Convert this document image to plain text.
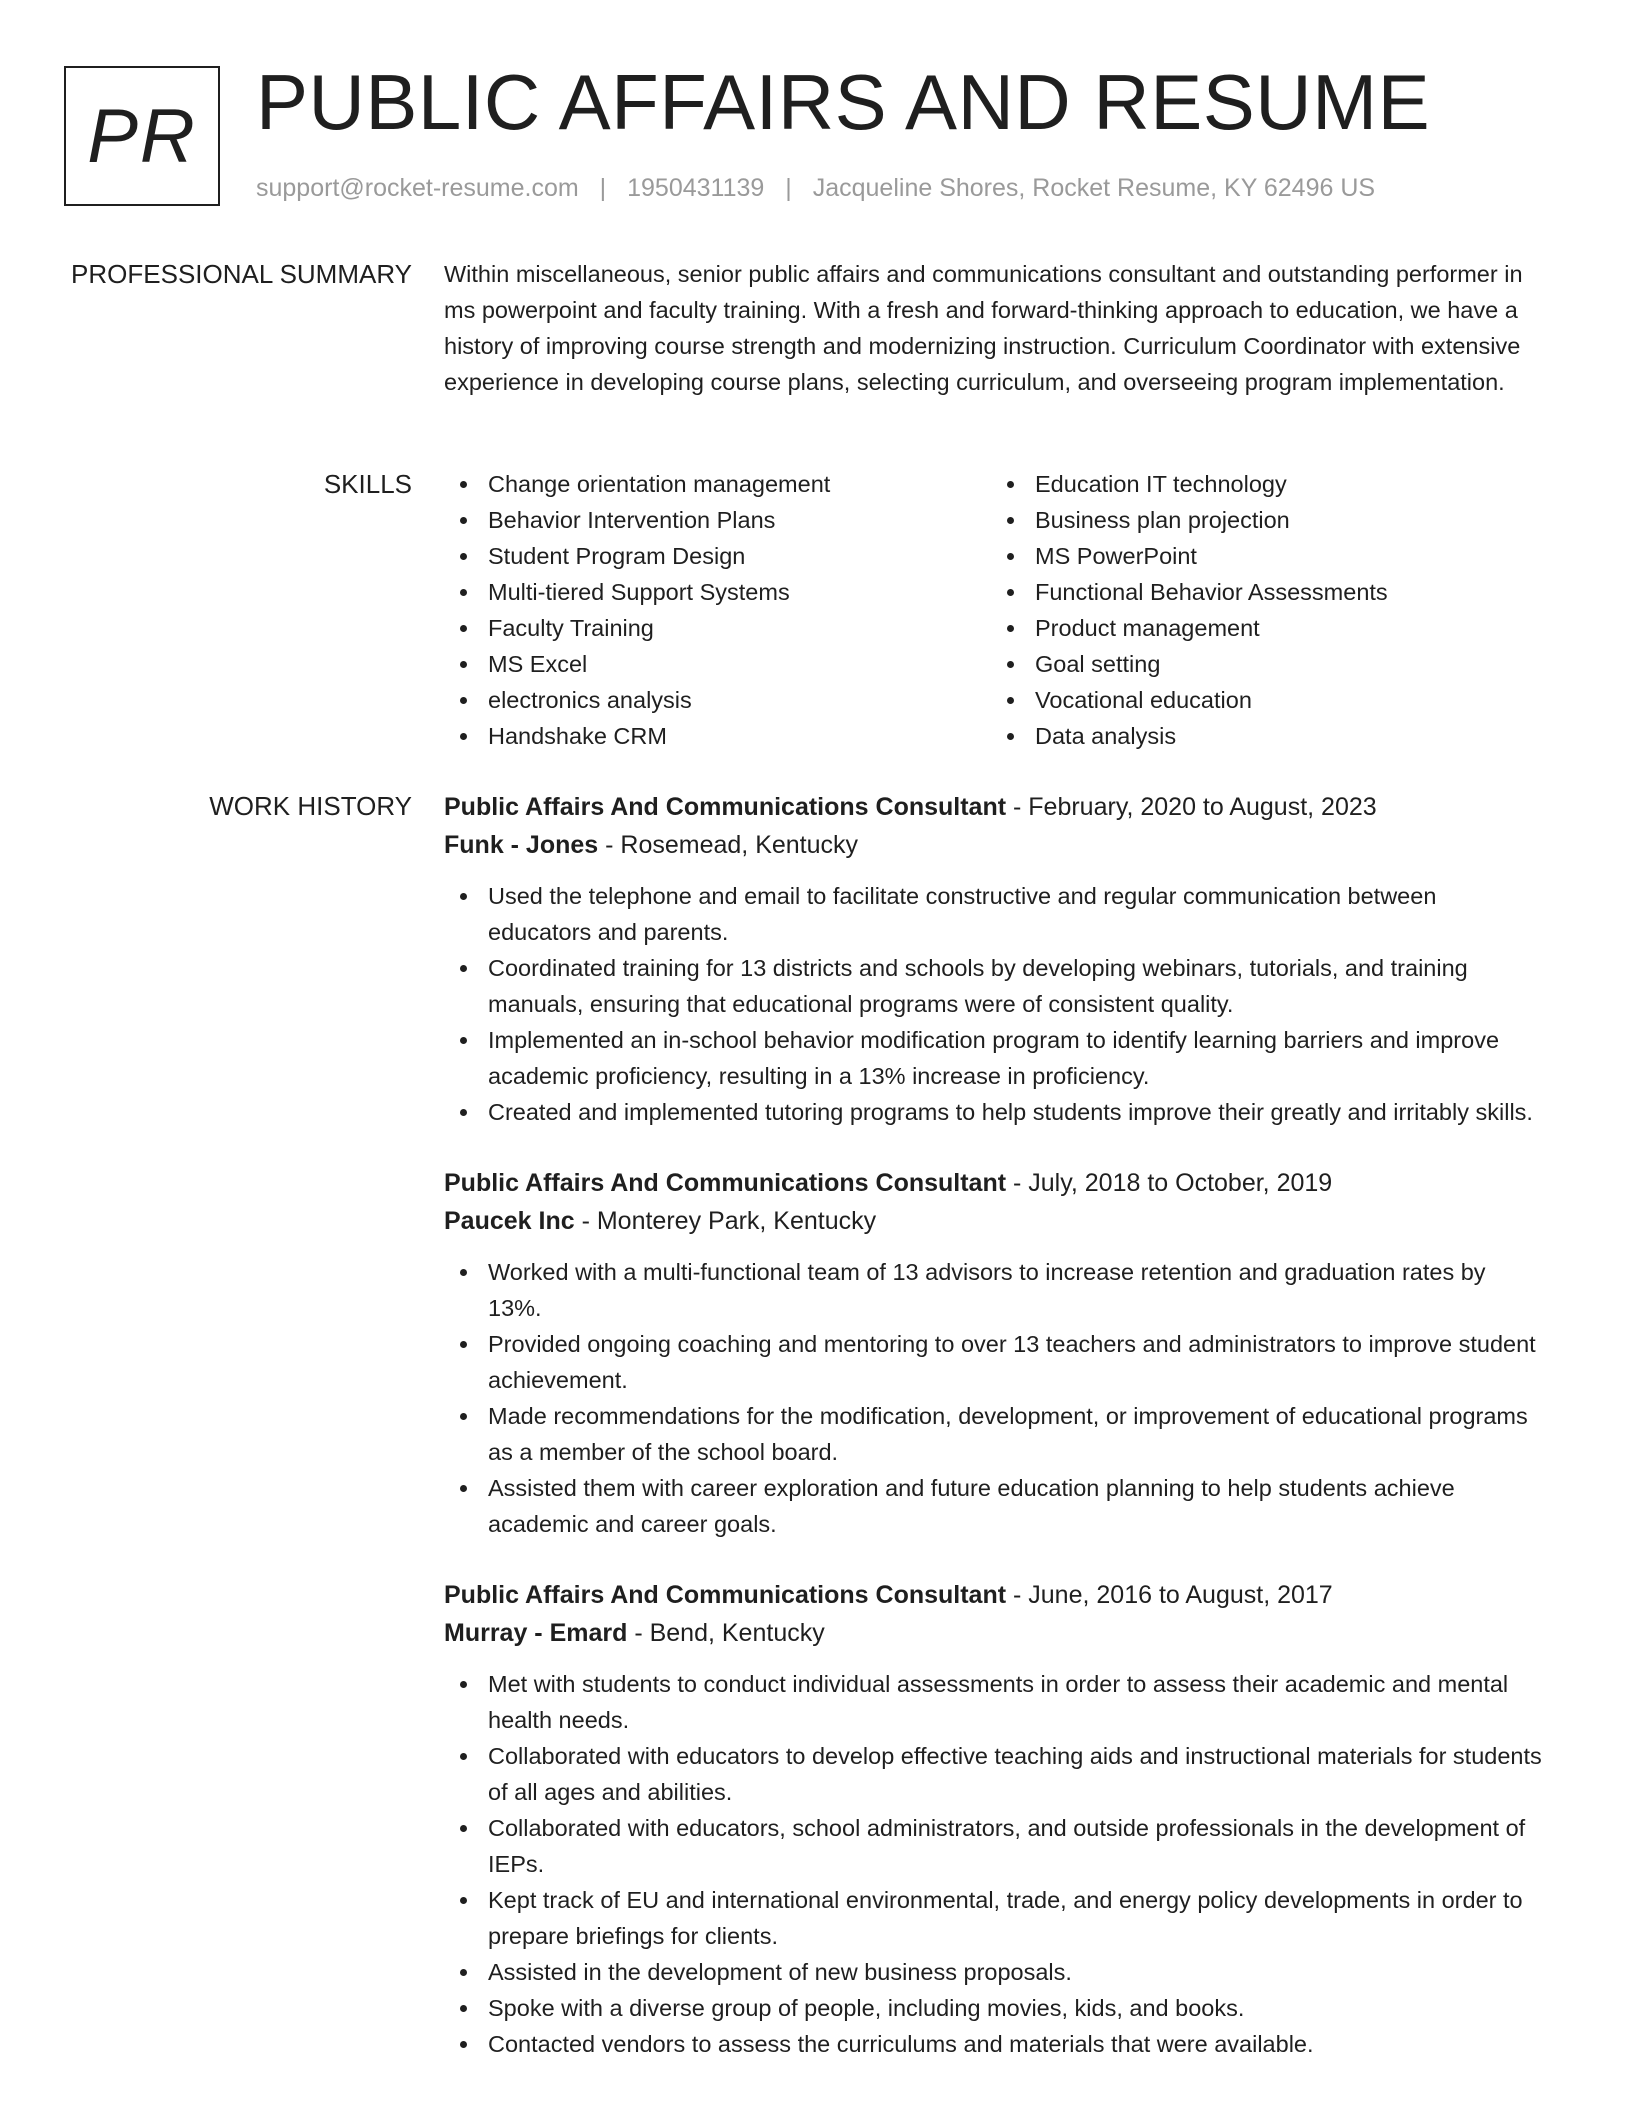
PR PUBLIC AFFAIRS AND RESUME
support@rocket-resume.com | 1950431139 | Jacqueline Shores, Rocket Resume, KY 62496 US
PROFESSIONAL SUMMARY Within miscellaneous, senior public affairs and communications consultant and outstanding performer in ms powerpoint and faculty training. With a fresh and forward-thinking approach to education, we have a history of improving course strength and modernizing instruction. Curriculum Coordinator with extensive experience in developing course plans, selecting curriculum, and overseeing program implementation.

SKILLS	Change orientation management
Behavior Intervention Plans
Student Program Design
Multi-tiered Support Systems
Faculty Training
MS Excel
electronics analysis
Handshake CRM
Education IT technology
Business plan projection
MS PowerPoint
Functional Behavior Assessments
Product management
Goal setting
Vocational education
Data analysis
WORK HISTORY Public Affairs And Communications Consultant - February, 2020 to August, 2023
Funk - Jones - Rosemead, Kentucky
Used the telephone and email to facilitate constructive and regular communication between educators and parents.
Coordinated training for 13 districts and schools by developing webinars, tutorials, and training manuals, ensuring that educational programs were of consistent quality.
Implemented an in-school behavior modification program to identify learning barriers and improve academic proficiency, resulting in a 13% increase in proficiency.
Created and implemented tutoring programs to help students improve their greatly and irritably skills.
Public Affairs And Communications Consultant - July, 2018 to October, 2019
Paucek Inc - Monterey Park, Kentucky
Worked with a multi-functional team of 13 advisors to increase retention and graduation rates by 13%.
Provided ongoing coaching and mentoring to over 13 teachers and administrators to improve student achievement.
Made recommendations for the modification, development, or improvement of educational programs as a member of the school board.
Assisted them with career exploration and future education planning to help students achieve academic and career goals.
Public Affairs And Communications Consultant - June, 2016 to August, 2017
Murray - Emard - Bend, Kentucky
Met with students to conduct individual assessments in order to assess their academic and mental health needs.
Collaborated with educators to develop effective teaching aids and instructional materials for students of all ages and abilities.
Collaborated with educators, school administrators, and outside professionals in the development of IEPs.
Kept track of EU and international environmental, trade, and energy policy developments in order to prepare briefings for clients.
Assisted in the development of new business proposals.
Spoke with a diverse group of people, including movies, kids, and books.
Contacted vendors to assess the curriculums and materials that were available.
